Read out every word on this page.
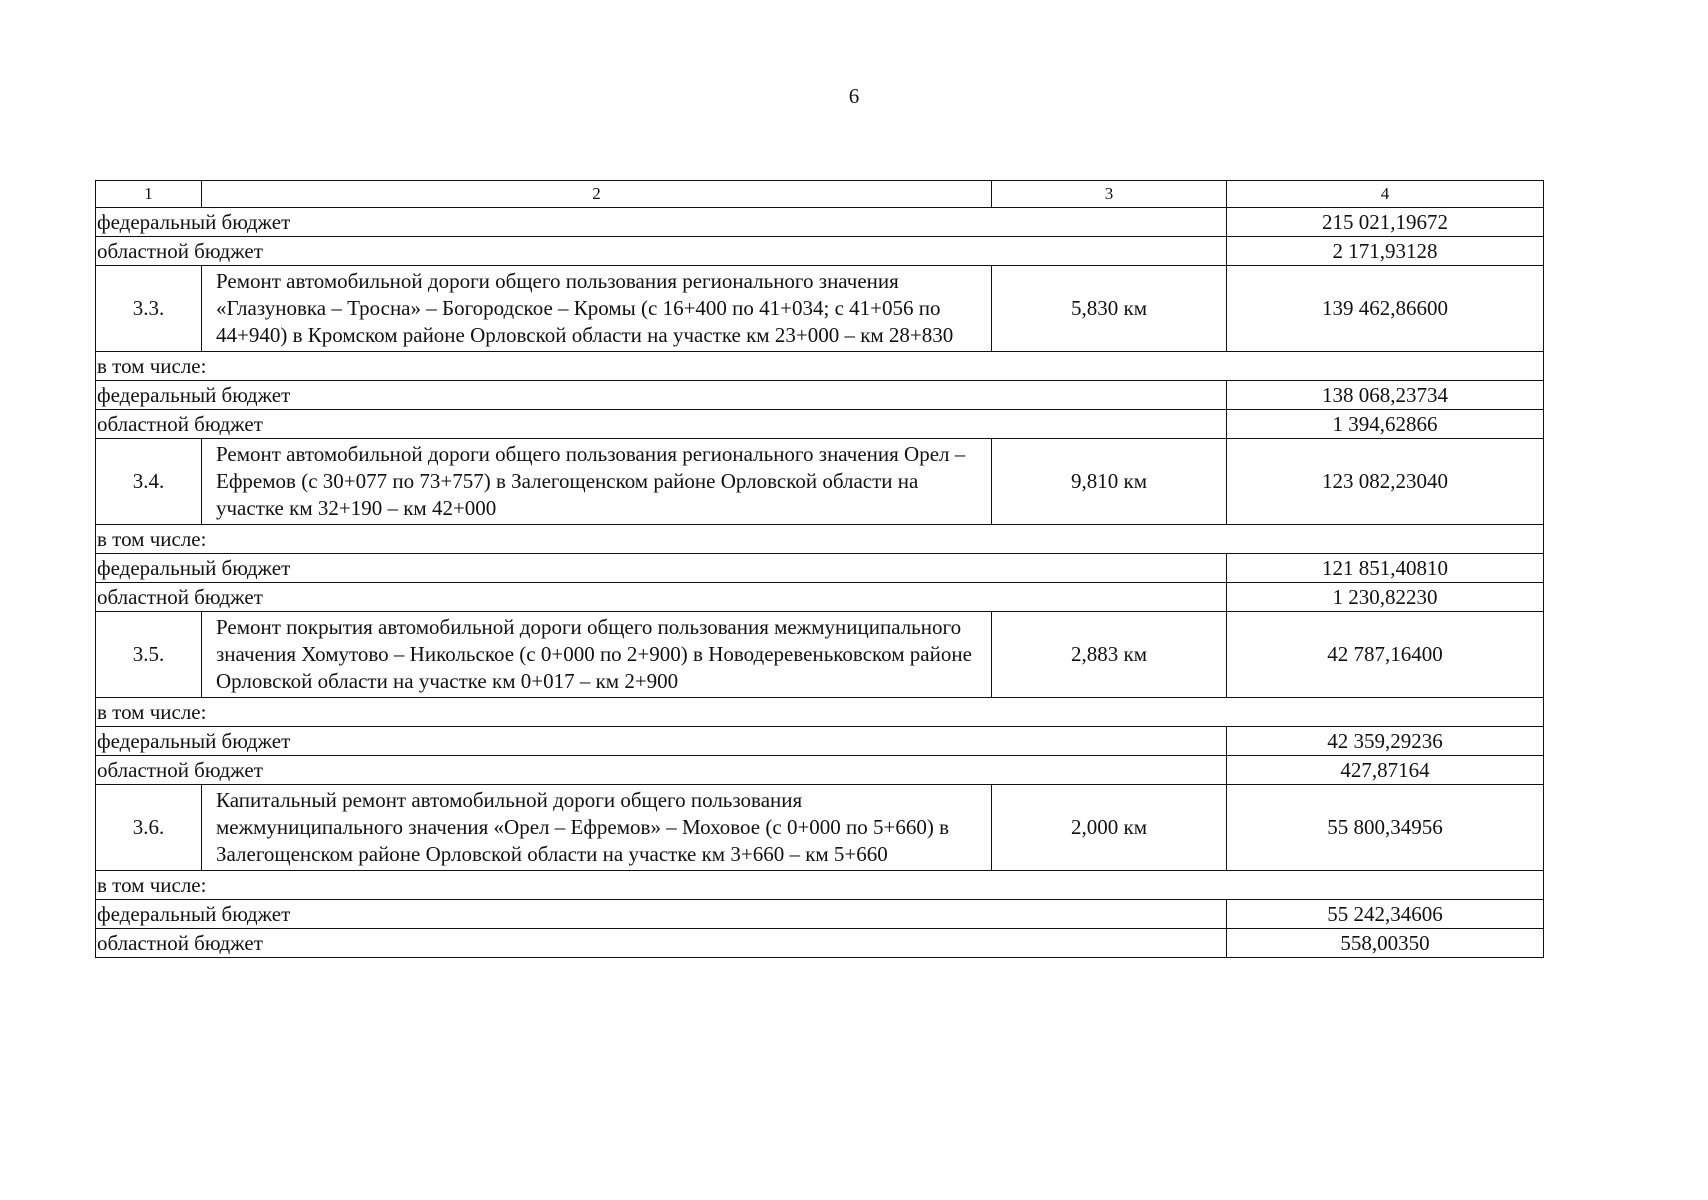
6
1	2	3	4
федеральный бюджет			215 021,19672
областной бюджет			2 171,93128
3.3.	Ремонт автомобильной дороги общего пользования регионального значения «Глазуновка – Тросна» – Богородское – Кромы (с 16+400 по 41+034; с 41+056 по 44+940) в Кромском районе Орловской области на участке км 23+000 – км 28+830	5,830 км	139 462,86600
в том числе:			
федеральный бюджет			138 068,23734
областной бюджет			1 394,62866
3.4.	Ремонт автомобильной дороги общего пользования регионального значения Орел – Ефремов (с 30+077 по 73+757) в Залегощенском районе Орловской области на участке км 32+190 – км 42+000	9,810 км	123 082,23040
в том числе:			
федеральный бюджет			121 851,40810
областной бюджет			1 230,82230
3.5.	Ремонт покрытия автомобильной дороги общего пользования межмуниципального значения Хомутово – Никольское (с 0+000 по 2+900) в Новодеревеньковском районе Орловской области на участке км 0+017 – км 2+900	2,883 км	42 787,16400
в том числе:			
федеральный бюджет			42 359,29236
областной бюджет			427,87164
3.6.	Капитальный ремонт автомобильной дороги общего пользования межмуниципального значения «Орел – Ефремов» – Моховое (с 0+000 по 5+660) в Залегощенском районе Орловской области на участке км 3+660 – км 5+660	2,000 км	55 800,34956
в том числе:			
федеральный бюджет			55 242,34606
областной бюджет			558,00350
